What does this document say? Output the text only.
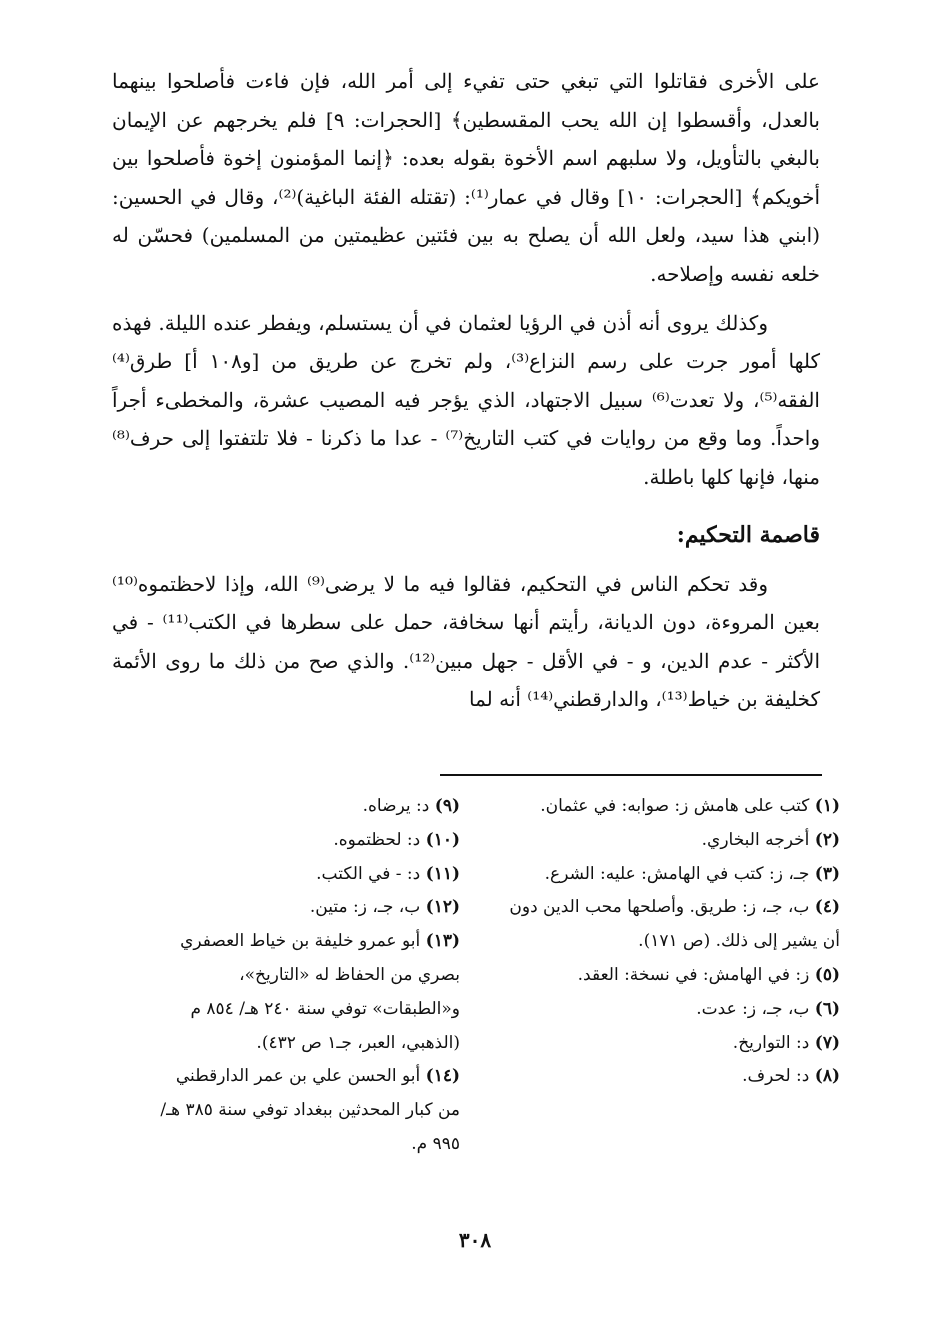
على الأخرى فقاتلوا التي تبغي حتى تفيء إلى أمر الله، فإن فاءت فأصلحوا بينهما بالعدل، وأقسطوا إن الله يحب المقسطين﴾ [الحجرات: ٩] فلم يخرجهم عن الإيمان بالبغي بالتأويل، ولا سلبهم اسم الأخوة بقوله بعده: ﴿إنما المؤمنون إخوة فأصلحوا بين أخويكم﴾ [الحجرات: ١٠] وقال في عمار⁽¹⁾: (تقتله الفئة الباغية)⁽²⁾، وقال في الحسين: (ابني هذا سيد، ولعل الله أن يصلح به بين فئتين عظيمتين من المسلمين) فحسّن له خلعه نفسه وإصلاحه.

وكذلك يروى أنه أذن في الرؤيا لعثمان في أن يستسلم، ويفطر عنده الليلة. فهذه كلها أمور جرت على رسم النزاع⁽³⁾، ولم تخرج عن طريق من [و١٠٨ أ] طرق⁽⁴⁾ الفقه⁽⁵⁾، ولا تعدت⁽⁶⁾ سبيل الاجتهاد، الذي يؤجر فيه المصيب عشرة، والمخطىء أجراً واحداً. وما وقع من روايات في كتب التاريخ⁽⁷⁾ - عدا ما ذكرنا - فلا تلتفتوا إلى حرف⁽⁸⁾ منها، فإنها كلها باطلة.

قاصمة التحكيم:

وقد تحكم الناس في التحكيم، فقالوا فيه ما لا يرضى⁽⁹⁾ الله، وإذا لاحظتموه⁽¹⁰⁾ بعين المروءة، دون الديانة، رأيتم أنها سخافة، حمل على سطرها في الكتب⁽¹¹⁾ - في الأكثر - عدم الدين، و - في الأقل - جهل مبين⁽¹²⁾. والذي صح من ذلك ما روى الأئمة كخليفة بن خياط⁽¹³⁾، والدارقطني⁽¹⁴⁾ أنه لما

(١) كتب على هامش ز: صوابه: في عثمان.

(٢) أخرجه البخاري.

(٣) جـ، ز: كتب في الهامش: عليه: الشرع.

(٤) ب، جـ، ز: طريق. وأصلحها محب الدين دون أن يشير إلى ذلك. (ص ١٧١).

(٥) ز: في الهامش: في نسخة: العقد.

(٦) ب، جـ، ز: عدت.

(٧) د: التواريخ.

(٨) د: لحرف.

(٩) د: يرضاه.

(١٠) د: لحظتموه.

(١١) د: - في الكتب.

(١٢) ب، جـ، ز: متين.

(١٣) أبو عمرو خليفة بن خياط العصفري بصري من الحفاظ له «التاريخ»، و«الطبقات» توفي سنة ٢٤٠ هـ/ ٨٥٤ م (الذهبي، العبر، جـ١ ص ٤٣٢).

(١٤) أبو الحسن علي بن عمر الدارقطني من كبار المحدثين ببغداد توفي سنة ٣٨٥ هـ/ ٩٩٥ م.

٣٠٨
